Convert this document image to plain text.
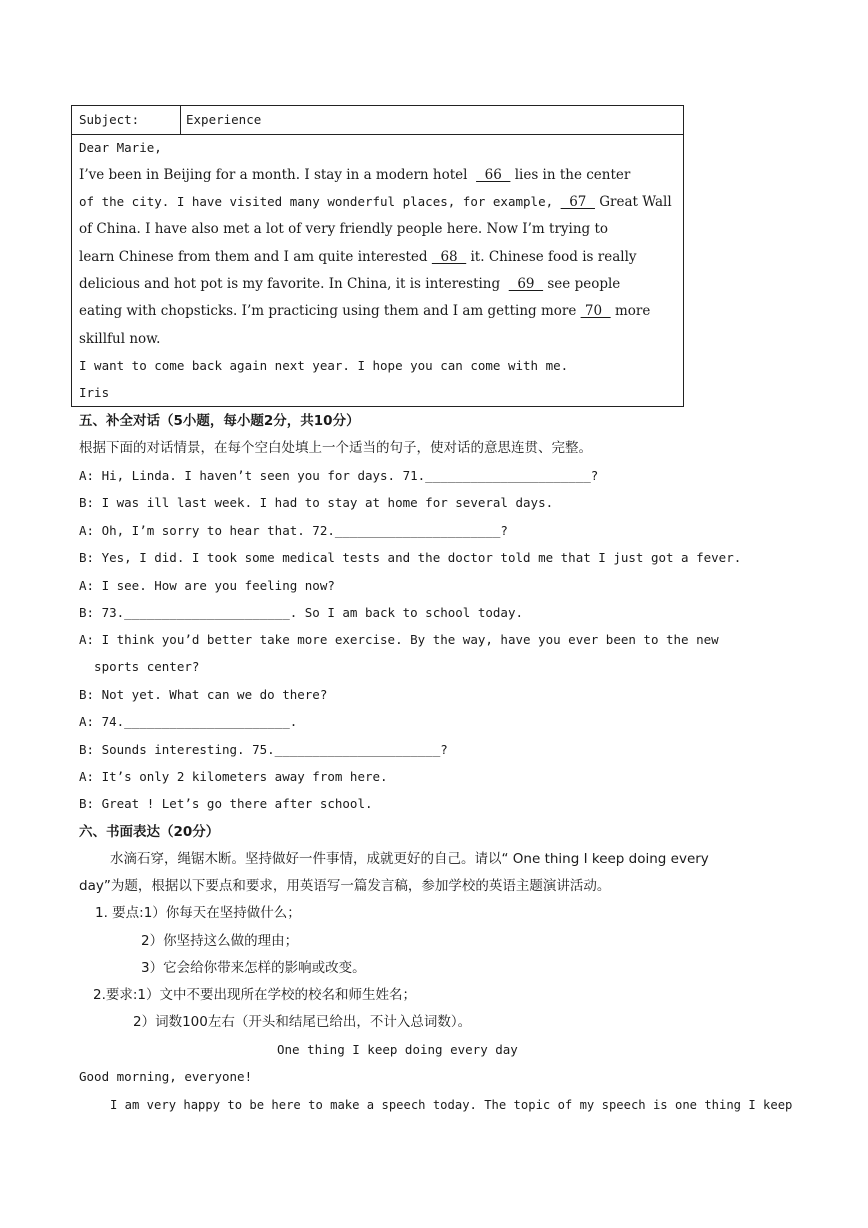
Subject:	Experience
Dear Marie,
I’ve been in Beijing for a month. I stay in a modern hotel    66   lies in the center
of the city. I have visited many wonderful places, for example,   67   Great Wall
of China. I have also met a lot of very friendly people here. Now I’m trying to
learn Chinese from them and I am quite interested   68   it. Chinese food is really
delicious and hot pot is my favorite. In China, it is interesting    69   see people
eating with chopsticks. I’m practicing using them and I am getting more  70   more
skillful now.
I want to come back again next year. I hope you can come with me.
Iris
五、补全对话（5小题，每小题2分，共10分）
根据下面的对话情景，在每个空白处填上一个适当的句子，使对话的意思连贯、完整。
A: Hi, Linda. I haven’t seen you for days. 71.______________________?
B: I was ill last week. I had to stay at home for several days.
A: Oh, I’m sorry to hear that. 72.______________________?
B: Yes, I did. I took some medical tests and the doctor told me that I just got a fever.
A: I see. How are you feeling now?
B: 73.______________________. So I am back to school today.
A: I think you’d better take more exercise. By the way, have you ever been to the new
sports center?
B: Not yet. What can we do there?
A: 74.______________________.
B: Sounds interesting. 75.______________________?
A: It’s only 2 kilometers away from here.
B: Great ! Let’s go there after school.
六、书面表达（20分）
水滴石穿，绳锯木断。坚持做好一件事情，成就更好的自己。请以“ One thing I keep doing every
day”为题，根据以下要点和要求，用英语写一篇发言稿，参加学校的英语主题演讲活动。
1. 要点:1）你每天在坚持做什么；
2）你坚持这么做的理由；
3）它会给你带来怎样的影响或改变。
2.要求:1）文中不要出现所在学校的校名和师生姓名；
2）词数100左右（开头和结尾已给出，不计入总词数）。
One thing I keep doing every day
Good morning, everyone!
I am very happy to be here to make a speech today. The topic of my speech is one thing I keep
